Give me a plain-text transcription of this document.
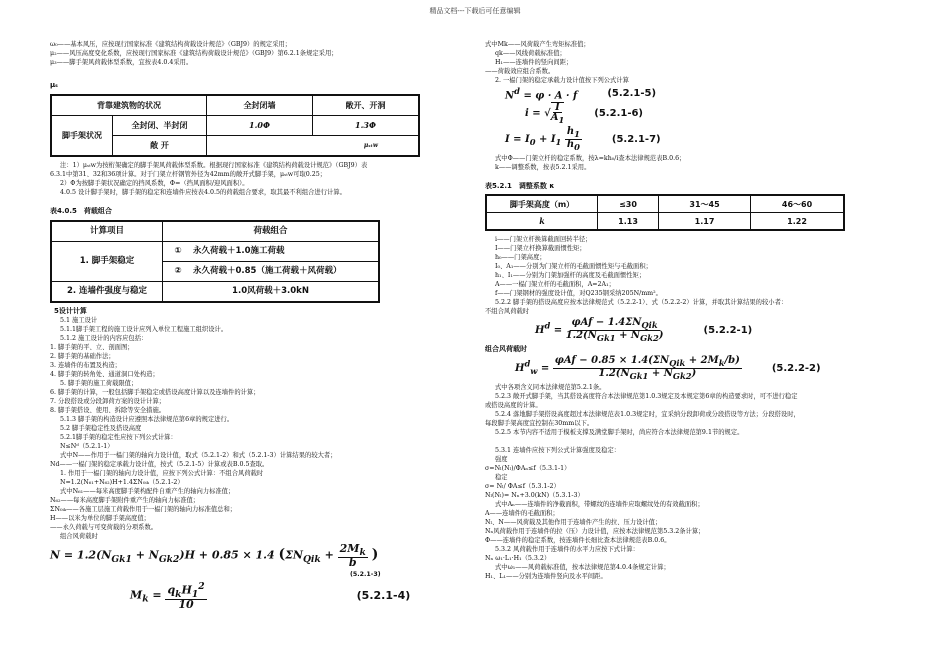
精品文档---下载后可任意编辑
ω₀——基本风压，应按现行国家标准《建筑结构荷载设计规范》（GBJ9）的规定采用；
μ₂——风压高度变化系数，应按现行国家标准《建筑结构荷载设计规范》（GBJ9）第6.2.1条规定采用；
μ₃——脚手架风荷载体型系数，宜按表4.0.4采用。
μₛ
背靠建筑物的状况		全封闭墙	敞开、开洞
脚手架状况	全封闭、半封闭	1.0Φ	1.3Φ
	敞 开	μₛₜw	
注：1）μₛₜw为按桁架确定的脚手架风荷载体型系数。根据现行国家标准《建筑结构荷载设计规范》（GBJ9）表
6.3.1中第31、32和36项计算。对于门架立杆钢管外径为42mm的敞开式脚手架，μₛₜw可取0.25；
2）Φ为按脚手架状况确定的挡风系数，Φ=（挡风面积/迎风面积）。
4.0.5 设计脚手架时，脚手架的稳定和连墙件应按表4.0.5的荷载组合要求，取其最不利组合进行计算。
表4.0.5　荷载组合
计算项目	荷载组合	
1. 脚手架稳定	①	永久荷载＋1.0施工荷载
	②	永久荷载＋0.85（施工荷载＋风荷载）
2. 连墙件强度与稳定	1.0风荷载＋3.0kN	
5设计计算
5.1 施工设计
5.1.1脚手架工程的施工设计应列入单位工程施工组织设计。
5.1.2 施工设计的内容应包括：
1. 脚手架的平、立、剖面图；
2. 脚手架的基础作法；
3. 连墙件的布置及构造；
4. 脚手架的转角处、通道洞口处构造；
5. 脚手架的施工荷载限值；
6. 脚手架的计算，一般包括脚手架稳定或搭设高度计算以及连墙件的计算；
7. 分段搭设或分段卸荷方案的设计计算；
8. 脚手架搭设、使用、拆除等安全措施。
5.1.3 脚手架的构造设计应遵照本法律规范第6章的规定进行。
5.2 脚手架稳定性及搭设高度
5.2.1脚手架的稳定性应按下列公式计算：
N≤Nᵈ（5.2.1-1）
式中N——作用于一榀门架的轴向力设计值，取式（5.2.1-2）和式（5.2.1-3）计算结果的较大者；
Nd——一榀门架的稳定承载力设计值，按式（5.2.1-5）计算或表B.0.5查取。
1. 作用于一榀门架的轴向力设计值，应按下列公式计算：不组合风荷载时
N=1.2(N₆₁+N₆₂)H+1.4ΣN₀ᵢₖ（5.2.1-2）
式中N₆₁——每米高度脚手架构配件自重产生的轴向力标准值；
N₆₂——每米高度脚手架附件重产生的轴向力标准值；
ΣN₀ᵢₖ——各施工层施工荷载作用于一榀门架的轴向力标准值总和；
H——以米为单位的脚手架高度值；
——永久荷载与可变荷载的分项系数。
组合风荷载时
$N = 1.2(N_{Gk1} + N_{Gk2})H + 0.85 \times 1.4$ ($\Sigma N_{Qik} + \frac{2M_k}{b}$ )
(5.2.1-3)
$M_k = \frac{q_kH_1^2}{10}$	(5.2.1-4)
式中Mk——风荷载产生弯矩标准值；
qk——风线荷载标准值；
H₁——连墙件的竖向间距；
——荷载效应组合系数。
2. 一榀门架的稳定承载力设计值按下列公式计算
$N^d = \varphi \cdot A \cdot f$	(5.2.1-5)
i = √ $\frac{I}{A_1}$	(5.2.1-6)
$I = I_0 + I_1 \frac{h_1}{h_0}$	(5.2.1-7)
式中Φ——门架立杆的稳定系数，按λ=kh₀/i查本法律规范表B.0.6；
k——调整系数，按表5.2.1采用。
表5.2.1　调整系数 κ
脚手架高度（m）	≤30	31～45	46～60
k	1.13	1.17	1.22
i——门架立杆换算截面回转半径；
I——门架立杆换算截面惯性矩；
h₀——门架高度；
I₀、A₁——分别为门架立杆的毛截面惯性矩与毛截面积；
h₁、I₁——分别为门架加强杆的高度及毛截面惯性矩；
A——一榀门架立杆的毛截面积，A=2A₁；
f——门架钢材的强度设计值，对Q235钢采纳205N/mm²。
5.2.2 脚手架的搭设高度应按本法律规范式（5.2.2-1）、式（5.2.2-2）计算，并取其计算结果的较小者：
不组合风荷载时
$H^d = \frac{\varphi Af - 1.4\Sigma N_{Qik}}{1.2(N_{Gk1} + N_{Gk2})}$	(5.2.2-1)
组合风荷载时
$H^d_w = \frac{\varphi Af - 0.85 \times 1.4(\Sigma N_{Qik} + 2M_k/b)}{1.2(N_{Gk1} + N_{Gk2})}$	(5.2.2-2)
式中各项含义同本法律规范第5.2.1条。
5.2.3 敞开式脚手架，当其搭设高度符合本法律规范第1.0.3规定及本规定第6章的构造要求时，可不进行稳定
或搭设高度的计算。
5.2.4 落地脚手架搭设高度超过本法律规范表1.0.3规定时，宜采纳分段卸荷或分段搭设等方法；分段搭设时，
每段脚手架高度宜控制在30mm以下。
5.2.5 本节内容不适用于模板支撑及满堂脚手架时，尚应符合本法律规范第9.1节的规定。
5.3.1 连墙件应按下列公式计算强度及稳定：
强度
σ=Nₗ(Nₗ)/ΦAₙ≤f（5.3.1-1）
稳定
σ= Nₗ/ ΦA≤f（5.3.1-2）
Nₗ(Nₗ)= Nₙ+3.0(kN)（5.3.1-3）
式中Aₙ——连墙件的净截面积，带螺纹的连墙件应取螺纹处的有效截面积；
A——连墙件的毛截面积；
Nₗ、N——风荷载及其他作用于连墙件产生的拉、压力设计值；
Nₙ风荷载作用于连墙件的拉（压）力设计值，应按本法律规范第5.3.2条计算；
Φ——连墙件的稳定系数，按连墙件长细比查本法律规范表B.0.6。
5.3.2 风荷载作用于连墙件的水平力应按下式计算：
Nₙ ω₁·L₁·H₁（5.3.2）
式中ω₁——风荷载标准值，按本法律规范第4.0.4条规定计算；
H₁、L₁——分别为连墙件竖向及水平间距。
